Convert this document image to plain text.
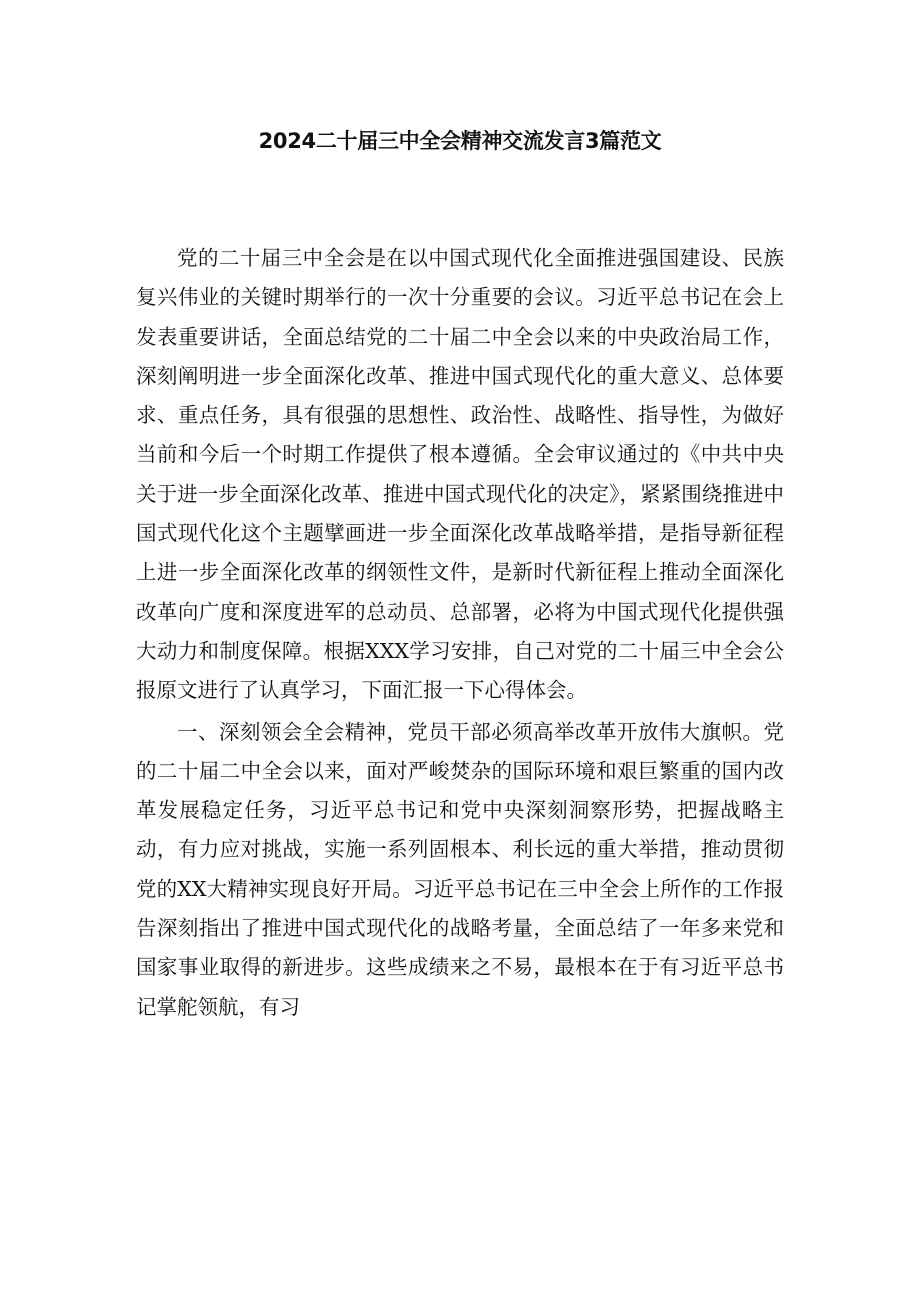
2024二十届三中全会精神交流发言3篇范文

党的二十届三中全会是在以中国式现代化全面推进强国建设、民族复兴伟业的关键时期举行的一次十分重要的会议。习近平总书记在会上发表重要讲话，全面总结党的二十届二中全会以来的中央政治局工作，深刻阐明进一步全面深化改革、推进中国式现代化的重大意义、总体要求、重点任务，具有很强的思想性、政治性、战略性、指导性，为做好当前和今后一个时期工作提供了根本遵循。全会审议通过的《中共中央关于进一步全面深化改革、推进中国式现代化的决定》，紧紧围绕推进中国式现代化这个主题擘画进一步全面深化改革战略举措，是指导新征程上进一步全面深化改革的纲领性文件，是新时代新征程上推动全面深化改革向广度和深度进军的总动员、总部署，必将为中国式现代化提供强大动力和制度保障。根据XXX学习安排，自己对党的二十届三中全会公报原文进行了认真学习，下面汇报一下心得体会。

一、深刻领会全会精神，党员干部必须高举改革开放伟大旗帜。党的二十届二中全会以来，面对严峻焚杂的国际环境和艰巨繁重的国内改革发展稳定任务，习近平总书记和党中央深刻洞察形势，把握战略主动，有力应对挑战，实施一系列固根本、利长远的重大举措，推动贯彻党的XX大精神实现良好开局。习近平总书记在三中全会上所作的工作报告深刻指出了推进中国式现代化的战略考量，全面总结了一年多来党和国家事业取得的新进步。这些成绩来之不易，最根本在于有习近平总书记掌舵领航，有习
